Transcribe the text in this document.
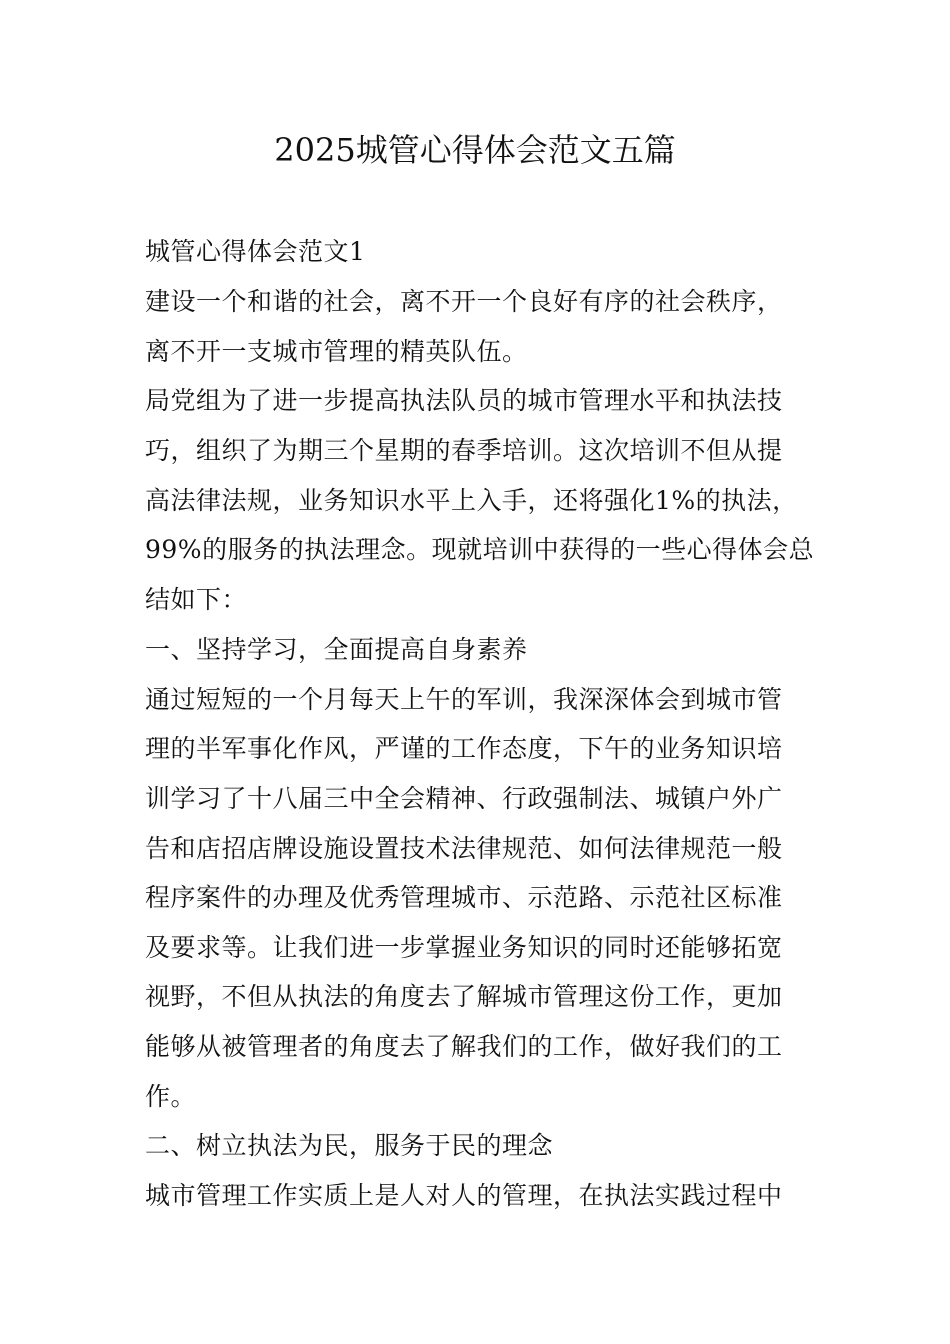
2025城管心得体会范文五篇
城管心得体会范文1
建设一个和谐的社会，离不开一个良好有序的社会秩序，
离不开一支城市管理的精英队伍。
局党组为了进一步提高执法队员的城市管理水平和执法技
巧，组织了为期三个星期的春季培训。这次培训不但从提
高法律法规，业务知识水平上入手，还将强化1%的执法，
99%的服务的执法理念。现就培训中获得的一些心得体会总
结如下：
一、坚持学习，全面提高自身素养
通过短短的一个月每天上午的军训，我深深体会到城市管
理的半军事化作风，严谨的工作态度，下午的业务知识培
训学习了十八届三中全会精神、行政强制法、城镇户外广
告和店招店牌设施设置技术法律规范、如何法律规范一般
程序案件的办理及优秀管理城市、示范路、示范社区标准
及要求等。让我们进一步掌握业务知识的同时还能够拓宽
视野，不但从执法的角度去了解城市管理这份工作，更加
能够从被管理者的角度去了解我们的工作，做好我们的工
作。
二、树立执法为民，服务于民的理念
城市管理工作实质上是人对人的管理，在执法实践过程中
